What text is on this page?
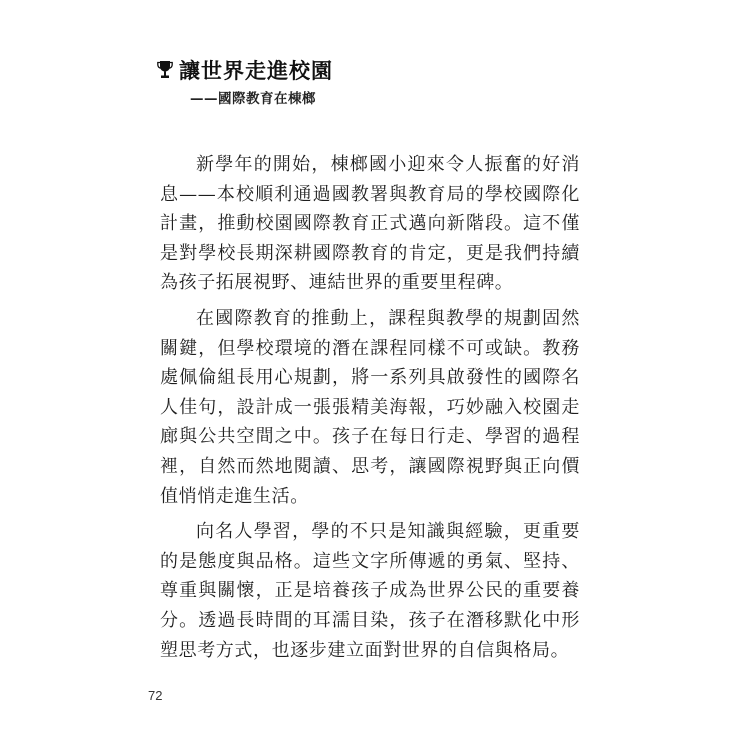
讓世界走進校園
——國際教育在棟榔

新學年的開始，棟榔國小迎來令人振奮的好消息——本校順利通過國教署與教育局的學校國際化計畫，推動校園國際教育正式邁向新階段。這不僅是對學校長期深耕國際教育的肯定，更是我們持續為孩子拓展視野、連結世界的重要里程碑。

在國際教育的推動上，課程與教學的規劃固然關鍵，但學校環境的潛在課程同樣不可或缺。教務處佩倫組長用心規劃，將一系列具啟發性的國際名人佳句，設計成一張張精美海報，巧妙融入校園走廊與公共空間之中。孩子在每日行走、學習的過程裡，自然而然地閱讀、思考，讓國際視野與正向價值悄悄走進生活。

向名人學習，學的不只是知識與經驗，更重要的是態度與品格。這些文字所傳遞的勇氣、堅持、尊重與關懷，正是培養孩子成為世界公民的重要養分。透過長時間的耳濡目染，孩子在潛移默化中形塑思考方式，也逐步建立面對世界的自信與格局。

72
